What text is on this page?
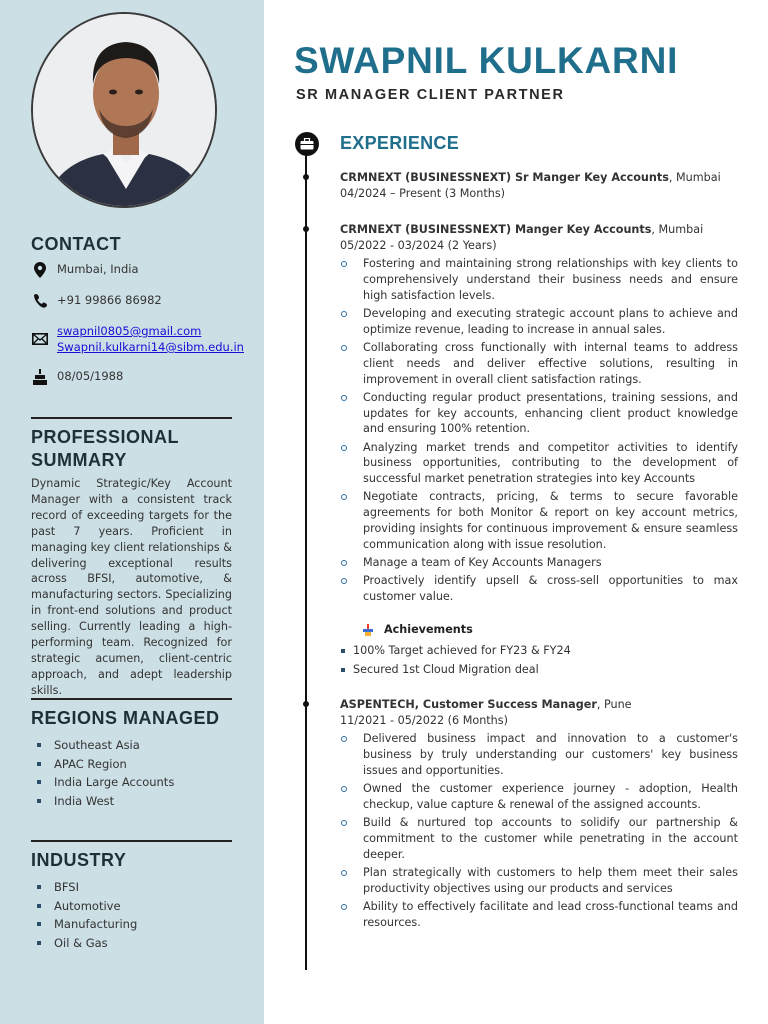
CONTACT
Mumbai, India
+91 99866 86982
swapnil0805@gmail.com
Swapnil.kulkarni14@sibm.edu.in
08/05/1988
PROFESSIONAL SUMMARY
Dynamic Strategic/Key Account Manager with a consistent track record of exceeding targets for the past 7 years. Proficient in managing key client relationships & delivering exceptional results across BFSI, automotive, & manufacturing sectors. Specializing in front-end solutions and product selling. Currently leading a high-performing team. Recognized for strategic acumen, client-centric approach, and adept leadership skills.
REGIONS MANAGED
Southeast Asia
APAC Region
India Large Accounts
India West
INDUSTRY
BFSI
Automotive
Manufacturing
Oil & Gas
SWAPNIL KULKARNI
SR MANAGER CLIENT PARTNER
EXPERIENCE
CRMNEXT (BUSINESSNEXT) Sr Manger Key Accounts, Mumbai
04/2024 – Present (3 Months)
CRMNEXT (BUSINESSNEXT) Manger Key Accounts, Mumbai
05/2022 - 03/2024 (2 Years)
Fostering and maintaining strong relationships with key clients to comprehensively understand their business needs and ensure high satisfaction levels.
Developing and executing strategic account plans to achieve and optimize revenue, leading to increase in annual sales.
Collaborating cross functionally with internal teams to address client needs and deliver effective solutions, resulting in improvement in overall client satisfaction ratings.
Conducting regular product presentations, training sessions, and updates for key accounts, enhancing client product knowledge and ensuring 100% retention.
Analyzing market trends and competitor activities to identify business opportunities, contributing to the development of successful market penetration strategies into key Accounts
Negotiate contracts, pricing, & terms to secure favorable agreements for both Monitor & report on key account metrics, providing insights for continuous improvement & ensure seamless communication along with issue resolution.
Manage a team of Key Accounts Managers
Proactively identify upsell & cross-sell opportunities to max customer value.
Achievements
100% Target achieved for FY23 & FY24
Secured 1st Cloud Migration deal
ASPENTECH, Customer Success Manager, Pune
11/2021 - 05/2022 (6 Months)
Delivered business impact and innovation to a customer's business by truly understanding our customers' key business issues and opportunities.
Owned the customer experience journey - adoption, Health checkup, value capture & renewal of the assigned accounts.
Build & nurtured top accounts to solidify our partnership & commitment to the customer while penetrating in the account deeper.
Plan strategically with customers to help them meet their sales productivity objectives using our products and services
Ability to effectively facilitate and lead cross-functional teams and resources.
